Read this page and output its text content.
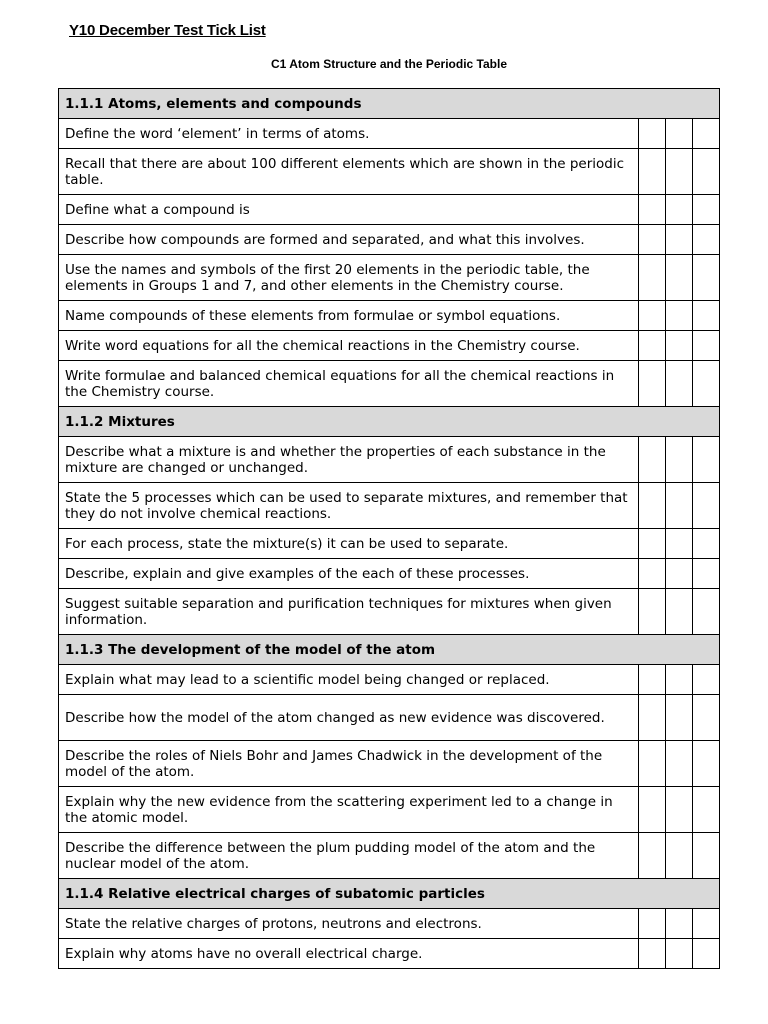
Y10 December Test Tick List
C1 Atom Structure and the Periodic Table
1.1.1 Atoms, elements and compounds			
Define the word ‘element’ in terms of atoms.			
Recall that there are about 100 different elements which are shown in the periodic table.			
Define what a compound is			
Describe how compounds are formed and separated, and what this involves.			
Use the names and symbols of the first 20 elements in the periodic table, the elements in Groups 1 and 7, and other elements in the Chemistry course.			
Name compounds of these elements from formulae or symbol equations.			
Write word equations for all the chemical reactions in the Chemistry course.			
Write formulae and balanced chemical equations for all the chemical reactions in the Chemistry course.			
1.1.2 Mixtures			
Describe what a mixture is and whether the properties of each substance in the mixture are changed or unchanged.			
State the 5 processes which can be used to separate mixtures, and remember that they do not involve chemical reactions.			
For each process, state the mixture(s) it can be used to separate.			
Describe, explain and give examples of the each of these processes.			
Suggest suitable separation and purification techniques for mixtures when given information.			
1.1.3 The development of the model of the atom			
Explain what may lead to a scientific model being changed or replaced.			
Describe how the model of the atom changed as new evidence was discovered.			
Describe the roles of Niels Bohr and James Chadwick in the development of the model of the atom.			
Explain why the new evidence from the scattering experiment led to a change in the atomic model.			
Describe the difference between the plum pudding model of the atom and the nuclear model of the atom.			
1.1.4 Relative electrical charges of subatomic particles			
State the relative charges of protons, neutrons and electrons.			
Explain why atoms have no overall electrical charge.			
